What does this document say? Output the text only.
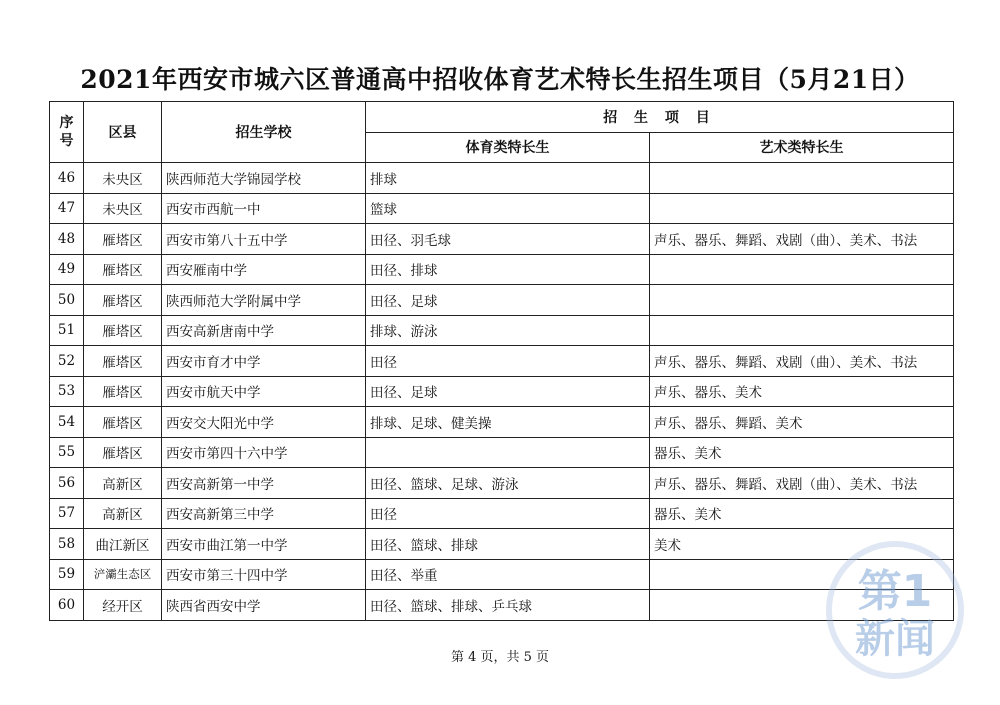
2021年西安市城六区普通高中招收体育艺术特长生招生项目（5月21日）
序
号	区县	招生学校	招 生 项 目	
			体育类特长生	艺术类特长生
46	未央区	陕西师范大学锦园学校	排球	
47	未央区	西安市西航一中	篮球	
48	雁塔区	西安市第八十五中学	田径、羽毛球	声乐、器乐、舞蹈、戏剧（曲）、美术、书法
49	雁塔区	西安雁南中学	田径、排球	
50	雁塔区	陕西师范大学附属中学	田径、足球	
51	雁塔区	西安高新唐南中学	排球、游泳	
52	雁塔区	西安市育才中学	田径	声乐、器乐、舞蹈、戏剧（曲）、美术、书法
53	雁塔区	西安市航天中学	田径、足球	声乐、器乐、美术
54	雁塔区	西安交大阳光中学	排球、足球、健美操	声乐、器乐、舞蹈、美术
55	雁塔区	西安市第四十六中学		器乐、美术
56	高新区	西安高新第一中学	田径、篮球、足球、游泳	声乐、器乐、舞蹈、戏剧（曲）、美术、书法
57	高新区	西安高新第三中学	田径	器乐、美术
58	曲江新区	西安市曲江第一中学	田径、篮球、排球	美术
59	浐灞生态区	西安市第三十四中学	田径、举重	
60	经开区	陕西省西安中学	田径、篮球、排球、乒乓球	
第 4 页，共 5 页
第1
新闻
